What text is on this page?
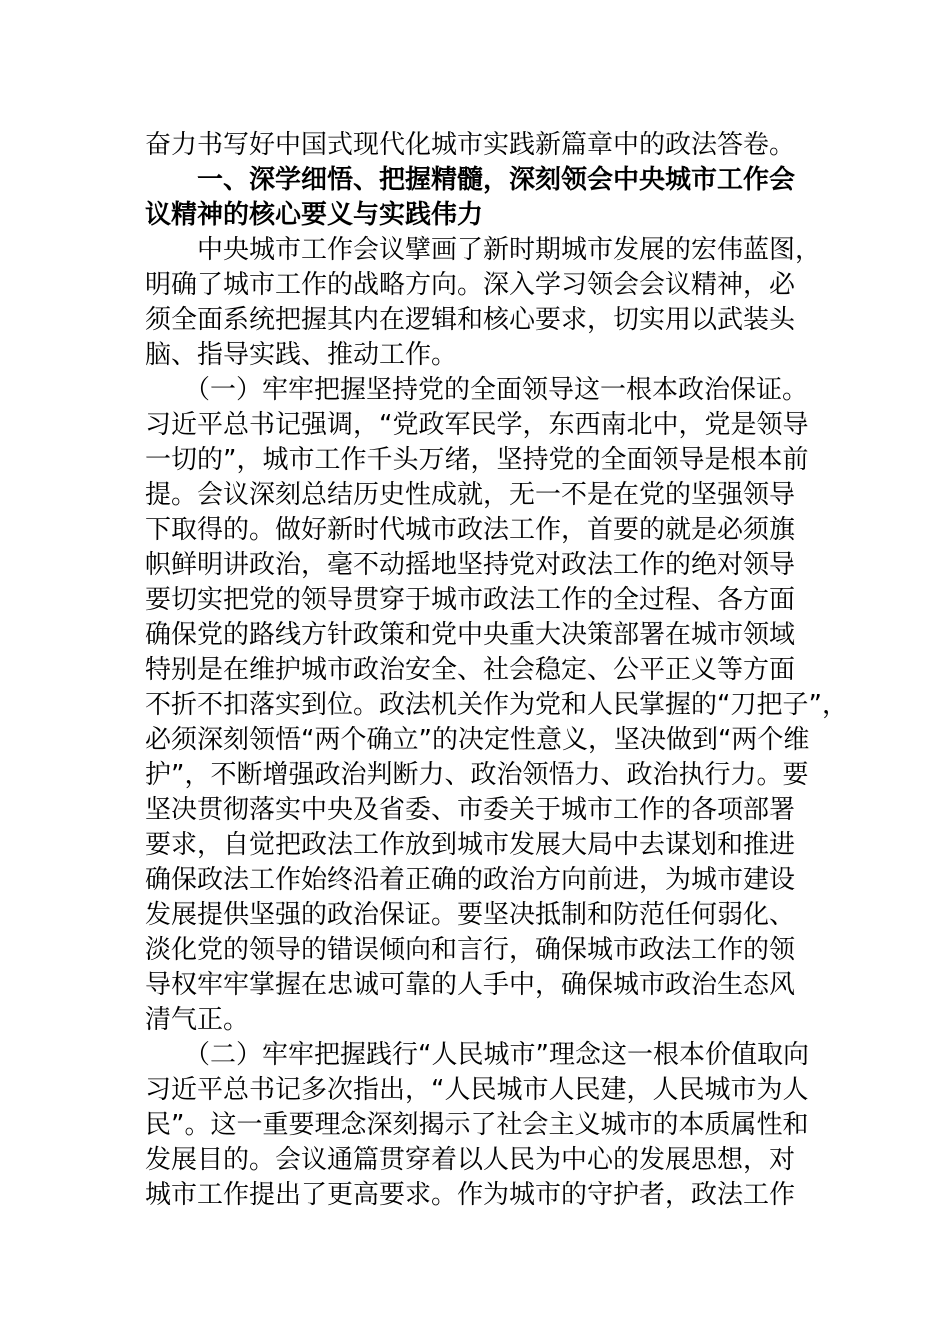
奋力书写好中国式现代化城市实践新篇章中的政法答卷。
　　一、深学细悟、把握精髓，深刻领会中央城市工作会
议精神的核心要义与实践伟力
　　中央城市工作会议擘画了新时期城市发展的宏伟蓝图，
明确了城市工作的战略方向。深入学习领会会议精神，必
须全面系统把握其内在逻辑和核心要求，切实用以武装头
脑、指导实践、推动工作。
　　（一）牢牢把握坚持党的全面领导这一根本政治保证。
习近平总书记强调，“党政军民学，东西南北中，党是领导
一切的”，城市工作千头万绪，坚持党的全面领导是根本前
提。会议深刻总结历史性成就，无一不是在党的坚强领导
下取得的。做好新时代城市政法工作，首要的就是必须旗
帜鲜明讲政治，毫不动摇地坚持党对政法工作的绝对领导
要切实把党的领导贯穿于城市政法工作的全过程、各方面
确保党的路线方针政策和党中央重大决策部署在城市领域
特别是在维护城市政治安全、社会稳定、公平正义等方面
不折不扣落实到位。政法机关作为党和人民掌握的“刀把子”，
必须深刻领悟“两个确立”的决定性意义，坚决做到“两个维
护”，不断增强政治判断力、政治领悟力、政治执行力。要
坚决贯彻落实中央及省委、市委关于城市工作的各项部署
要求，自觉把政法工作放到城市发展大局中去谋划和推进
确保政法工作始终沿着正确的政治方向前进，为城市建设
发展提供坚强的政治保证。要坚决抵制和防范任何弱化、
淡化党的领导的错误倾向和言行，确保城市政法工作的领
导权牢牢掌握在忠诚可靠的人手中，确保城市政治生态风
清气正。
　　（二）牢牢把握践行“人民城市”理念这一根本价值取向
习近平总书记多次指出，“人民城市人民建，人民城市为人
民”。这一重要理念深刻揭示了社会主义城市的本质属性和
发展目的。会议通篇贯穿着以人民为中心的发展思想，对
城市工作提出了更高要求。作为城市的守护者，政法工作
